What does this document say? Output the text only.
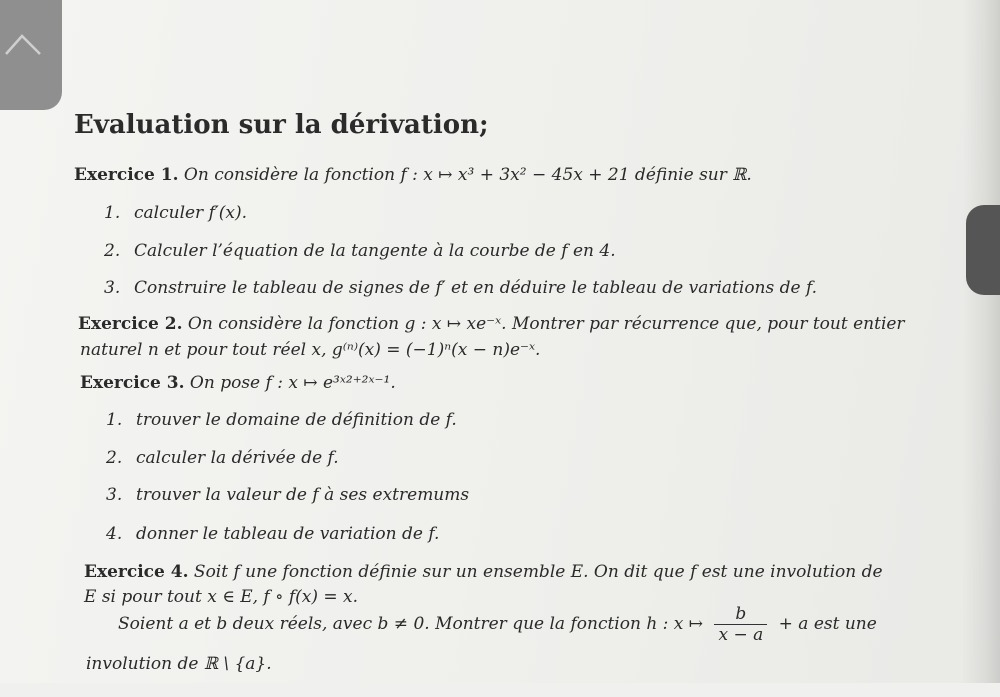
Evaluation sur la dérivation;
Exercice 1. On considère la fonction f : x ↦ x³ + 3x² − 45x + 21 définie sur ℝ.
1. calculer f′(x).
2. Calculer l’équation de la tangente à la courbe de f en 4.
3. Construire le tableau de signes de f′ et en déduire le tableau de variations de f.
Exercice 2. On considère la fonction g : x ↦ xe⁻ˣ. Montrer par récurrence que, pour tout entier
naturel n et pour tout réel x, g⁽ⁿ⁾(x) = (−1)ⁿ(x − n)e⁻ˣ.
Exercice 3. On pose f : x ↦ e³ˣ²⁺²ˣ⁻¹.
1. trouver le domaine de définition de f.
2. calculer la dérivée de f.
3. trouver la valeur de f à ses extremums
4. donner le tableau de variation de f.
Exercice 4. Soit f une fonction définie sur un ensemble E. On dit que f est une involution de
E si pour tout x ∈ E, f ∘ f(x) = x.
Soient a et b deux réels, avec b ≠ 0. Montrer que la fonction h : x ↦ $\frac{b}{x - a} + a$ est une
involution de ℝ \ {a}.
